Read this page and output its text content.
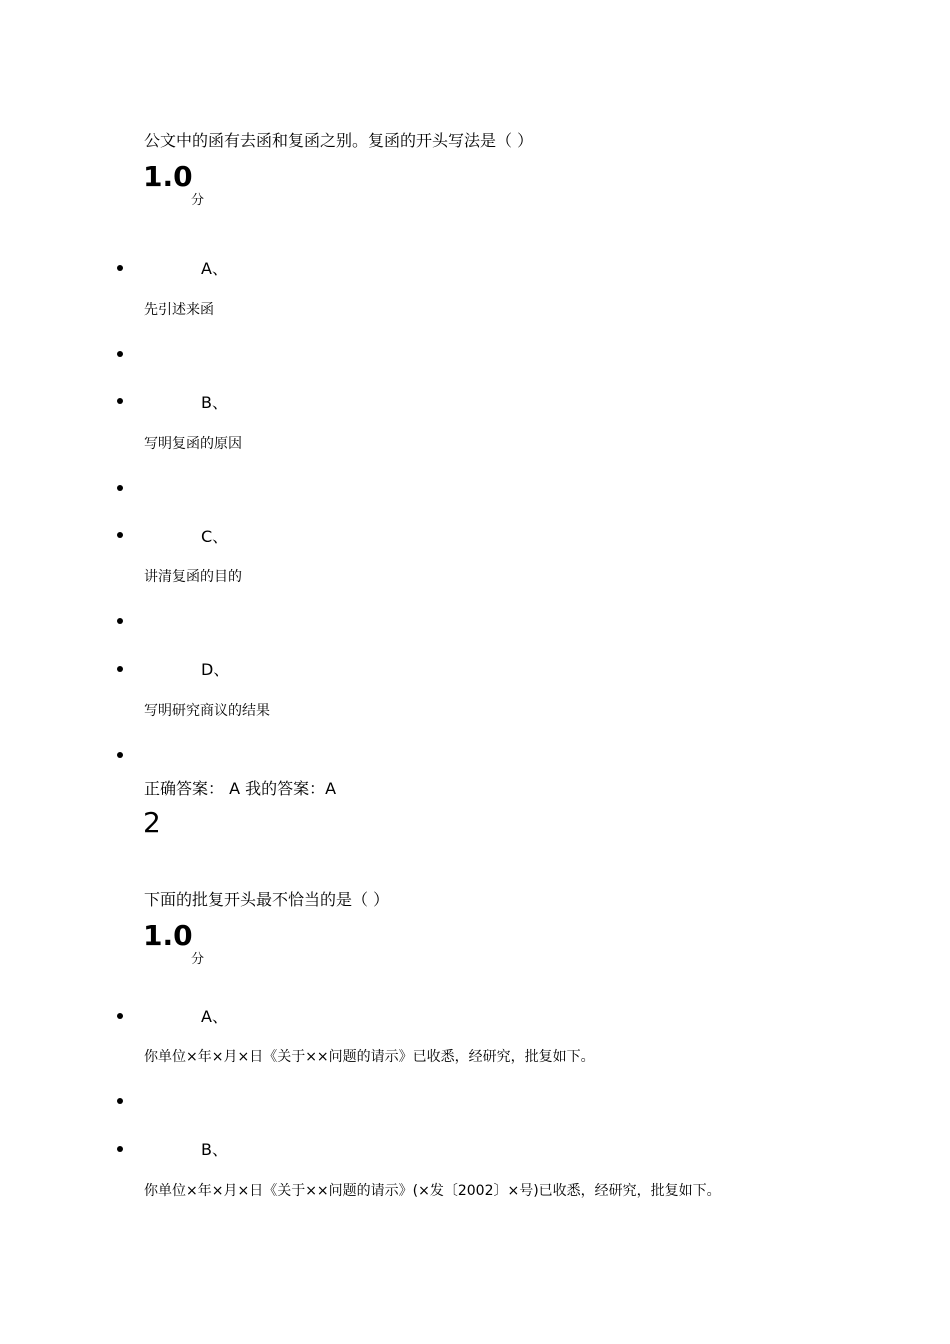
公文中的函有去函和复函之别。复函的开头写法是（ ）
1.0
分
A、
先引述来函
B、
写明复函的原因
C、
讲清复函的目的
D、
写明研究商议的结果
正确答案： A 我的答案：A
2
下面的批复开头最不恰当的是（ ）
1.0
分
A、
你单位×年×月×日《关于××问题的请示》已收悉，经研究，批复如下。
B、
你单位×年×月×日《关于××问题的请示》(×发〔2002〕×号)已收悉，经研究，批复如下。
